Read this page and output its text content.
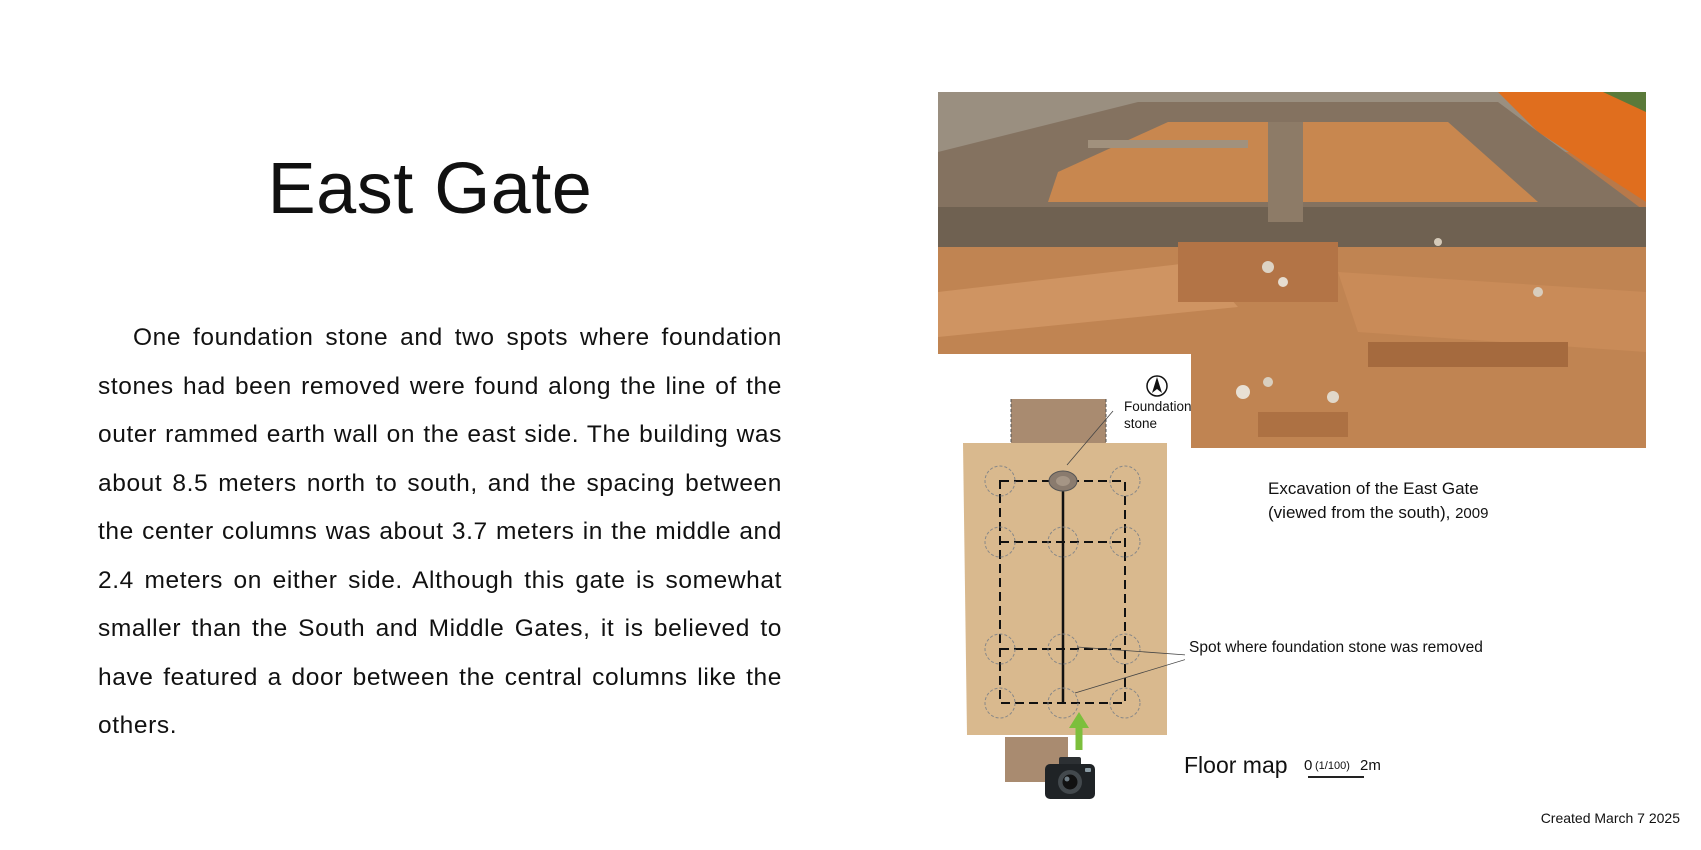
East Gate

One foundation stone and two spots where foundation stones had been removed were found along the line of the outer rammed earth wall on the east side. The building was about 8.5 meters north to south, and the spacing between the center columns was about 3.7 meters in the middle and 2.4 meters on either side. Although this gate is somewhat smaller than the South and Middle Gates, it is believed to have featured a door between the central columns like the others.

Foundation
stone
Spot where foundation stone was removed
Excavation of the East Gate
(viewed from the south), 2009
Floor map 0 (1/100) 2m
Created March 7 2025
